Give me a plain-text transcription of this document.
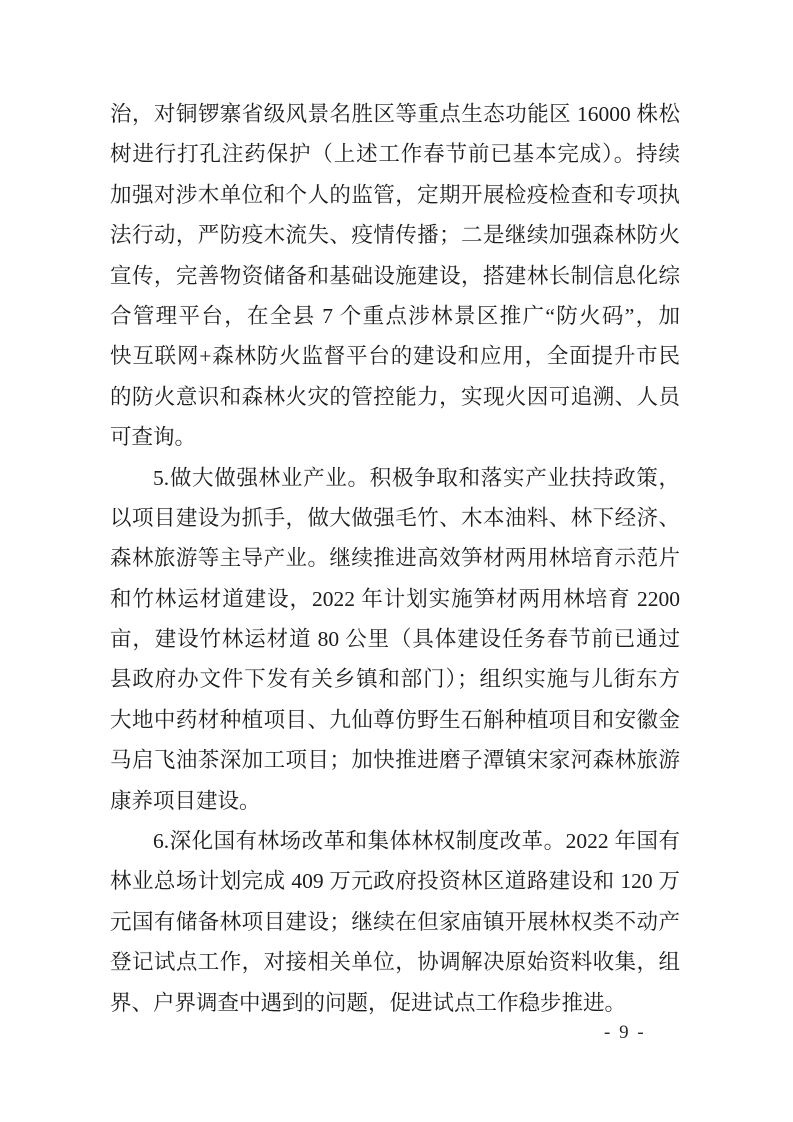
治，对铜锣寨省级风景名胜区等重点生态功能区 16000 株松
树进行打孔注药保护（上述工作春节前已基本完成）。持续
加强对涉木单位和个人的监管，定期开展检疫检查和专项执
法行动，严防疫木流失、疫情传播；二是继续加强森林防火
宣传，完善物资储备和基础设施建设，搭建林长制信息化综
合管理平台，在全县 7 个重点涉林景区推广“防火码”，加
快互联网+森林防火监督平台的建设和应用，全面提升市民
的防火意识和森林火灾的管控能力，实现火因可追溯、人员
可查询。
5.做大做强林业产业。积极争取和落实产业扶持政策，
以项目建设为抓手，做大做强毛竹、木本油料、林下经济、
森林旅游等主导产业。继续推进高效笋材两用林培育示范片
和竹林运材道建设，2022 年计划实施笋材两用林培育 2200
亩，建设竹林运材道 80 公里（具体建设任务春节前已通过
县政府办文件下发有关乡镇和部门）；组织实施与儿街东方
大地中药材种植项目、九仙尊仿野生石斛种植项目和安徽金
马启飞油茶深加工项目；加快推进磨子潭镇宋家河森林旅游
康养项目建设。
6.深化国有林场改革和集体林权制度改革。2022 年国有
林业总场计划完成 409 万元政府投资林区道路建设和 120 万
元国有储备林项目建设；继续在但家庙镇开展林权类不动产
登记试点工作，对接相关单位，协调解决原始资料收集，组
界、户界调查中遇到的问题，促进试点工作稳步推进。
- 9 -
